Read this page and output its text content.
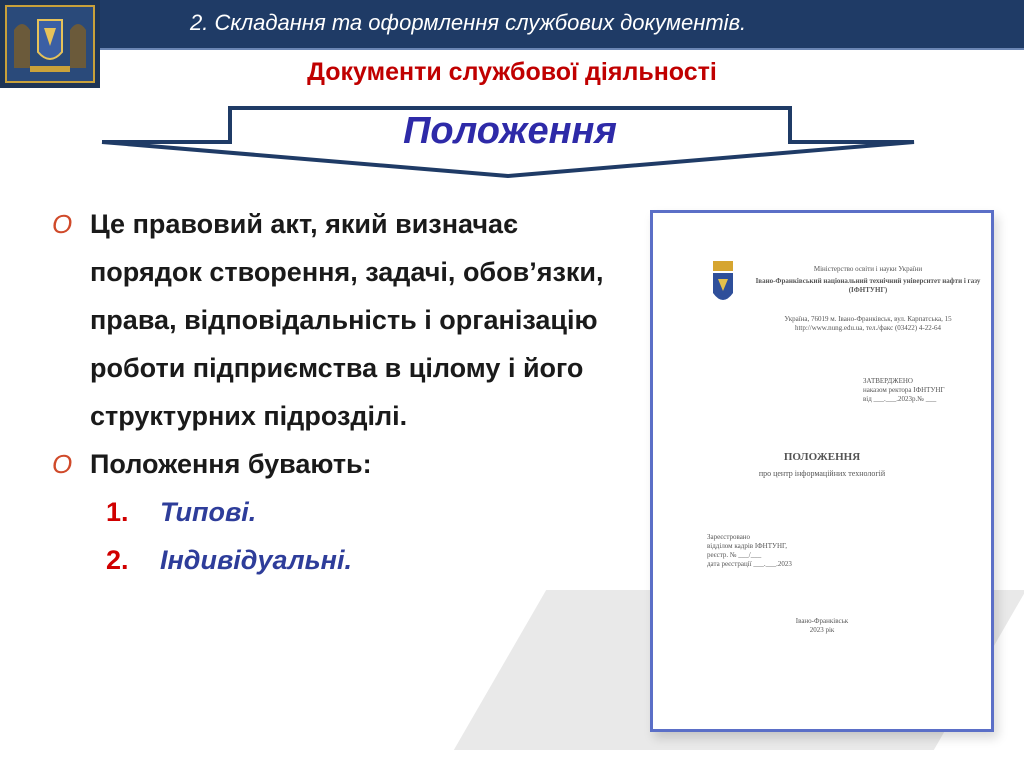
2. Складання та оформлення службових документів.
Документи службової діяльності
Положення
O Це правовий акт, який визначає порядок створення, задачі, обов’язки, права, відповідальність і організацію роботи підприємства в цілому і його структурних підрозділі.
O Положення бувають:
1. Типові.
2. Індивідуальні.
Міністерство освіти і науки України
Івано-Франківський національний технічний університет нафти і газу (ІФНТУНГ)
Україна, 76019 м. Івано-Франківськ, вул. Карпатська, 15
http://www.nung.edu.ua, тел./факс (03422) 4-22-64
ЗАТВЕРДЖЕНО
наказом ректора ІФНТУНГ
від ___.___.2023р.№ ___
ПОЛОЖЕННЯ
про центр інформаційних технологій
Зареєстровано
відділом кадрів ІФНТУНГ,
реєстр. № ___/___
дата реєстрації ___.___.2023
Івано-Франківськ
2023 рік
